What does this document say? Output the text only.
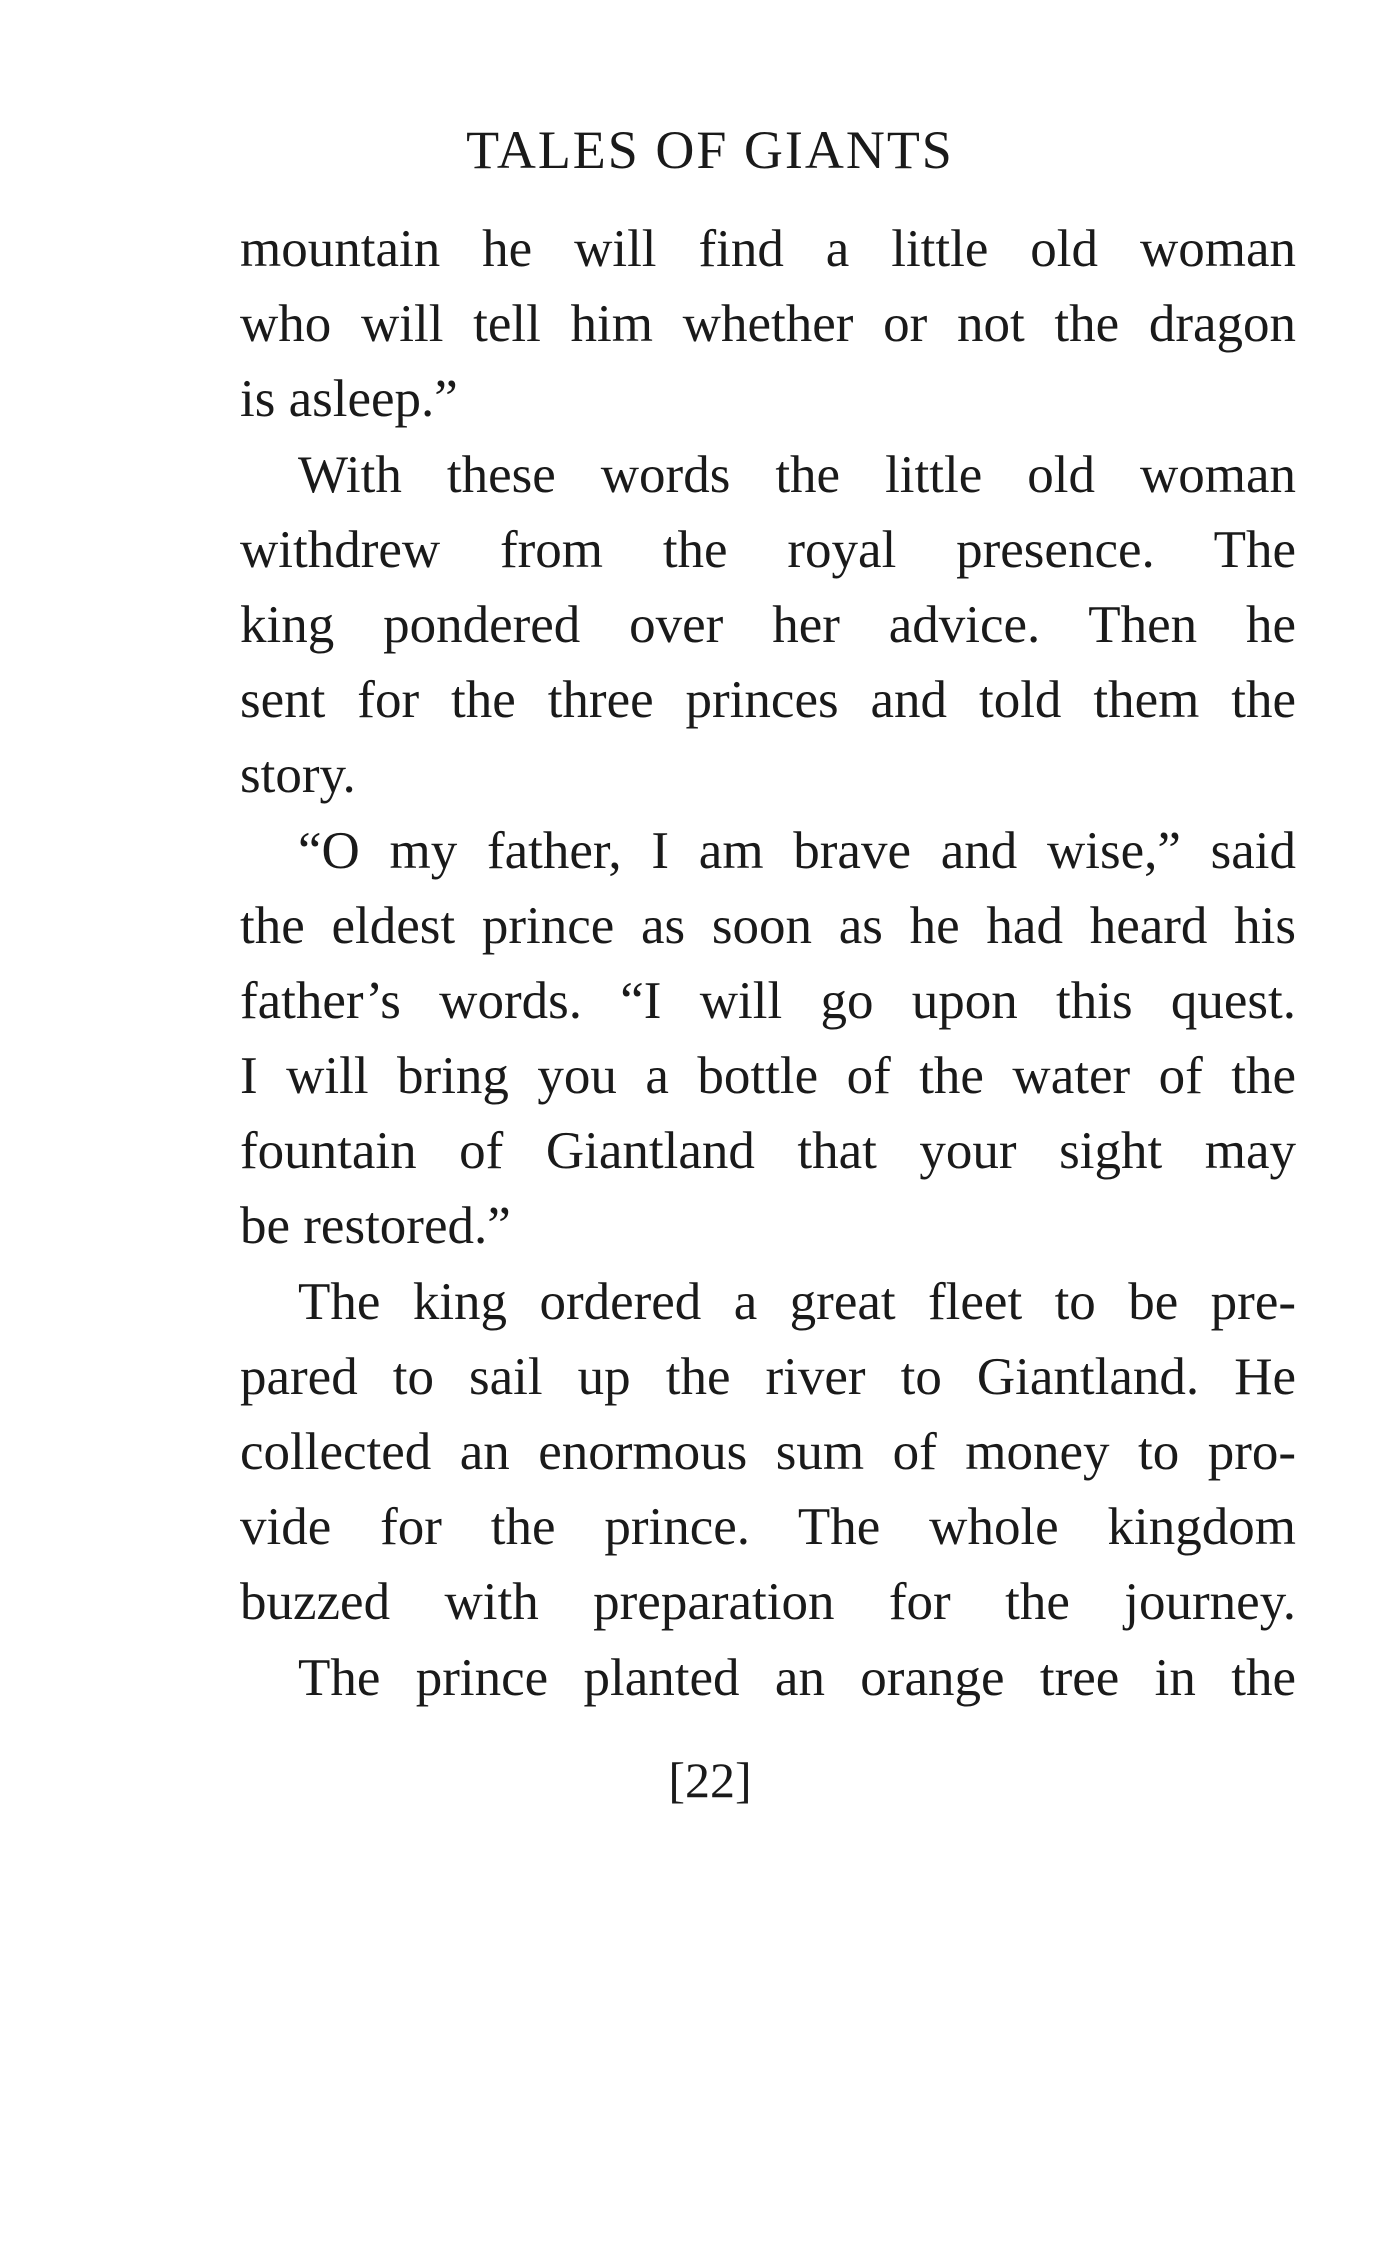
TALES OF GIANTS
mountain he will find a little old woman
who will tell him whether or not the dragon
is asleep.”
With these words the little old woman
withdrew from the royal presence. The
king pondered over her advice. Then he
sent for the three princes and told them the
story.
“O my father, I am brave and wise,” said
the eldest prince as soon as he had heard his
father’s words. “I will go upon this quest.
I will bring you a bottle of the water of the
fountain of Giantland that your sight may
be restored.”
The king ordered a great fleet to be pre-
pared to sail up the river to Giantland. He
collected an enormous sum of money to pro-
vide for the prince. The whole kingdom
buzzed with preparation for the journey.
The prince planted an orange tree in the
[22]
